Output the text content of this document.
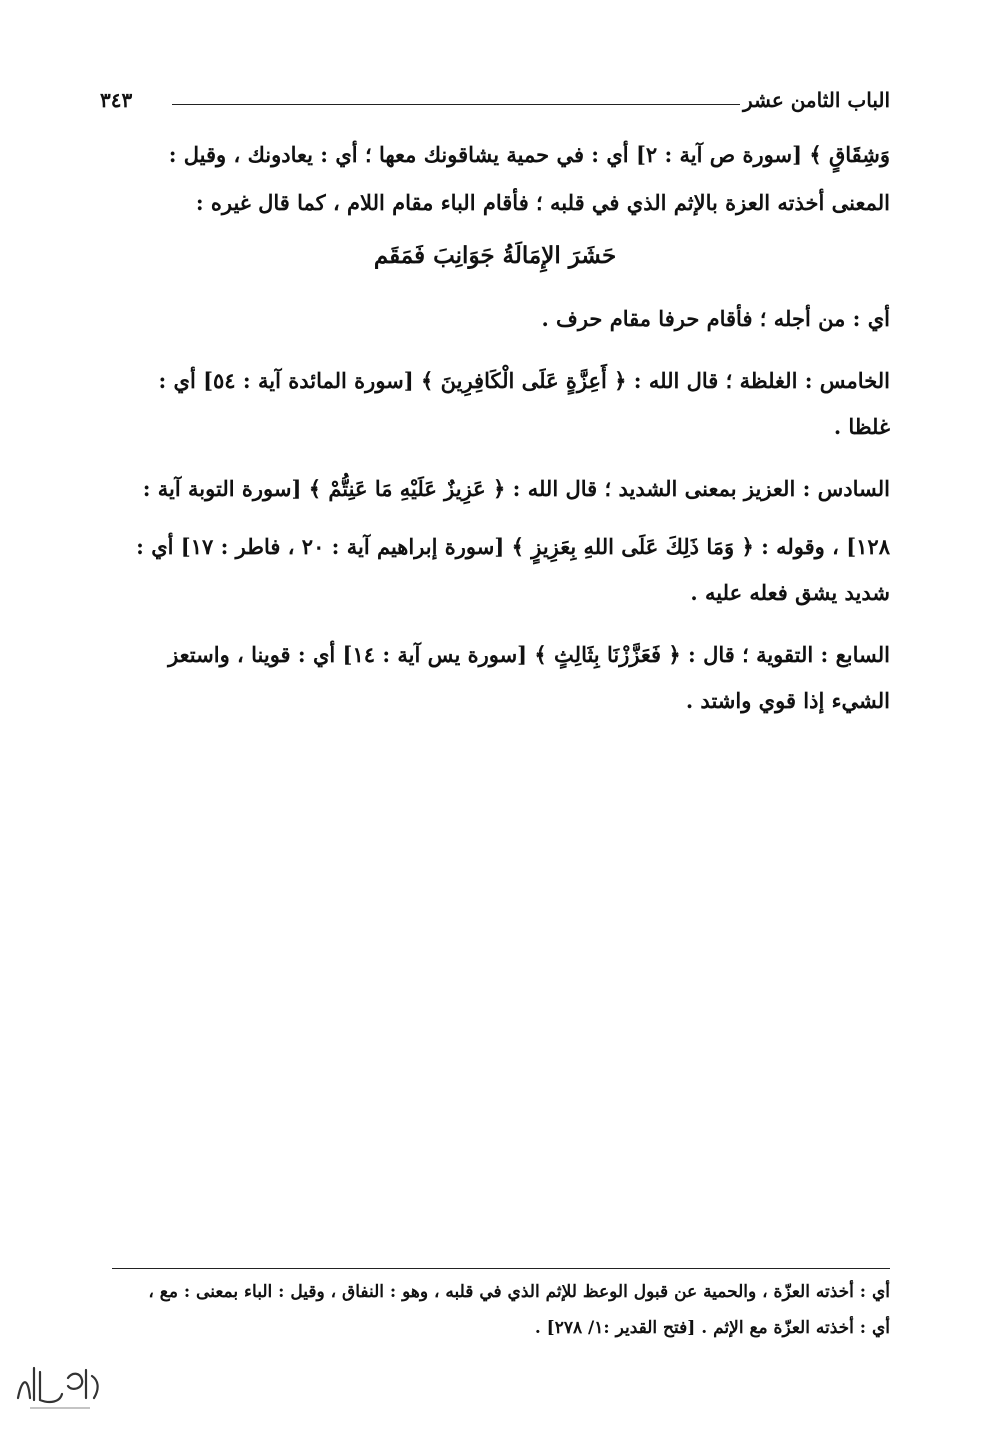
الباب الثامن عشر
٣٤٣
وَشِقَاقٍ ﴾ [سورة ص آية : ٢] أي : في حمية يشاقونك معها ؛ أي : يعادونك ، وقيل :
المعنى أخذته العزة بالإثم الذي في قلبه ؛ فأقام الباء مقام اللام ، كما قال غيره :
حَشَرَ الإِمَالَةُ جَوَانِبَ فَمَقَم
أي : من أجله ؛ فأقام حرفا مقام حرف .
الخامس : الغلظة ؛ قال الله : ﴿ أَعِزَّةٍ عَلَى الْكَافِرِينَ ﴾ [سورة المائدة آية : ٥٤] أي :
غلظا .
السادس : العزيز بمعنى الشديد ؛ قال الله : ﴿ عَزِيزٌ عَلَيْهِ مَا عَنِتُّمْ ﴾ [سورة التوبة آية :
١٢٨] ، وقوله : ﴿ وَمَا ذَلِكَ عَلَى اللهِ بِعَزِيزٍ ﴾ [سورة إبراهيم آية : ٢٠ ، فاطر : ١٧] أي :
شديد يشق فعله عليه .
السابع : التقوية ؛ قال : ﴿ فَعَزَّزْنَا بِثَالِثٍ ﴾ [سورة يس آية : ١٤] أي : قوينا ، واستعز
الشيء إذا قوي واشتد .
أي : أخذته العزّة ، والحمية عن قبول الوعظ للإثم الذي في قلبه ، وهو : النفاق ، وقيل : الباء بمعنى : مع ،
أي : أخذته العزّة مع الإثم . [فتح القدير :١/ ٢٧٨] .
